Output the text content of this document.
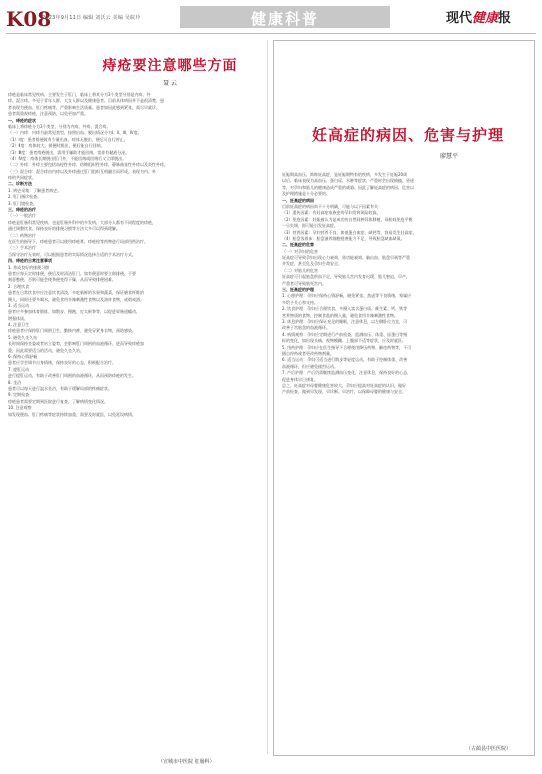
K08
2023年9月11日 编辑 刘沃云 美编 吴皖玲	健康科普	现代健康报
痔疮要注意哪些方面
聂 云
痔疮是临床常见疾病，主要发生于肛门，临床上将其分为3个类型分别是内痔、外
痔、混合痔。多见于青年人群，大女人群以及健康患者。目前具体病因并不是很清楚，患
者表现为便血、肛门疼痛等，严重影响生活质量。患者如因此感到紧张，需尽早就诊，
患者需重视痔疮，注意预防，以免更加严重。
一、痔疮的症状
临床上将痔疮分为3个类型，分别为内痔、外痔、混合痔。
（一）内痔：内痔为最常见类型，按照出血、脱出情况分为Ⅰ、Ⅱ、Ⅲ、Ⅳ度。
（1）Ⅰ度：患者排便时有少量出血，痔体无脱出，便后可自行停止。
（2）Ⅱ度：痔体较大，排便时脱出，便后能自行回纳。
（3）Ⅲ度：患者痔疮脱出，需用手辅助才能回纳，常伴有黏液分泌。
（4）Ⅳ度：痔体长期脱出肛门外，不能回纳或回纳后又立即脱出。
（二）外痔：外痔主要包括血栓性外痔、结缔组织性外痔、静脉曲张性外痔以及炎性外痔。
（三）混合痔：混合痔由内痔以及外痔通过肛门组织互相融合而形成，表现为内、外
痔的共同症状。
二、诊断方法
1. 病史采集：了解患者病史。
2. 肛门指诊检查。
3. 肛门镜检查。
三、痔疮的治疗
（一）一般治疗
痔疮是肛肠科常见疾病，也是肛肠外科中的多发病，大部分人都有不同程度的痔疮，
通过调整饮食、保持良好的排便习惯等方法大多可以得到缓解。
（二）药物治疗
在医生的指导下，痔疮患者可以使用痔疮膏、痔疮栓等药物进行局部用药治疗。
（三）手术治疗
当保守治疗无效时，可以根据患者的实际情况选择合适的手术治疗方式。
四、痔疮的日常注意事项
1. 养成良好的排便习惯
患者应每天定时排便，便后及时清洁肛门。如有便意时要立即排便，不要
刻意憋便，否则可能会使粪便变得干燥，从而导致排便困难。
2. 合理饮食
患者在日常饮食中应注意饮食清淡，多吃新鲜的水果和蔬菜，保证膳食纤维的
摄入，同时还要多喝水，避免食用辛辣刺激性食物以及油炸食物，戒烟戒酒。
3. 适当运动
患者应多参加体育锻炼，如散步、慢跑、打太极拳等，以促进胃肠道蠕动，
增强体质。
4. 注意卫生
痔疮患者应保持肛门周围卫生，勤换内裤，避免穿紧身衣物，预防感染。
5. 避免久坐久站
长时间保持坐姿或者站立姿势，会影响肛门周围的血液循环，进而导致痔疮加
重，因此需要适当的活动，避免久坐久站。
6. 保持心情舒畅
患者应学会调节自身情绪，保持良好的心态，积极配合治疗。
7. 提肛运动
进行提肛运动，有助于改善肛门周围的血液循环，从而预防痔疮的发生。
8. 坐浴
患者可以每天进行温水坐浴，有助于缓解局部的疼痛症状。
9. 定期检查
痔疮患者需要定期到医院进行复查，了解病情变化情况。
10. 注意观察
如发现便血、肛门疼痛等症状持续加重，需要及时就医，以免延误病情。
（宣城市中医院 肛肠科）
妊高症的病因、危害与护理
廖慧平
妊娠期高血压，简称妊高症，是妊娠期特有的疾病，多发生于妊娠20周
以后，临床表现为高血压、蛋白尿、水肿等症状，严重时会出现抽搐、昏迷
等，对孕妇和胎儿的健康造成严重的威胁。因此了解妊高症的病因、危害以
及护理措施是十分必要的。
一、妊高症的病因
目前妊高症的病因尚不十分明确，可能与以下因素有关：
（1）遗传因素：有妊高症家族史的孕妇发病风险较高。
（2）免疫因素：妊娠被认为是成功的自然同种异体移植，母胎间免疫平衡
一旦失调，即可能引发妊高症。
（3）营养因素：孕妇营养不良，如低蛋白血症、缺钙等，容易发生妊高症。
（4）胎盘浅着床：胎盘滋养细胞侵袭能力不足，导致胎盘缺血缺氧。
二、妊高症的危害
（一）对孕妇的危害
妊高症可导致孕妇出现心力衰竭、肾功能衰竭、脑出血、胎盘早剥等严重
并发症，甚至危及孕妇生命安全。
（二）对胎儿的危害
妊高症可引起胎盘供血不足，导致胎儿宫内发育迟缓、胎儿窘迫、早产，
严重者可导致胎死宫内。
三、妊高症的护理
1. 心理护理：孕妇应保持心情舒畅，避免紧张、焦虑等不良情绪，家属应
多给予关心和支持。
2. 饮食护理：孕妇应合理饮食，多摄入富含蛋白质、维生素、钙、铁等
营养物质的食物，控制食盐的摄入量，避免食用辛辣刺激性食物。
3. 休息护理：孕妇应保证充足的睡眠，注意休息，以左侧卧位为宜，可
改善子宫胎盘的血液循环。
4. 病情观察：孕妇应定期进行产前检查，监测血压、体重、尿蛋白等指
标的变化，如出现头痛、视物模糊、上腹部不适等症状，应及时就医。
5. 用药护理：孕妇应在医生指导下合理使用降压药物、解痉药物等，不可
擅自停药或者更改药物剂量。
6. 适当运动：孕妇可适当进行散步等轻度运动，有助于控制体重、改善
血液循环，但应避免剧烈运动。
7. 产后护理：产后仍需继续监测血压变化，注意休息，保持良好的心态，
促进身体早日康复。
总之，妊高症对母婴健康危害较大，孕妇应提高对妊高症的认识，做好
产前检查，做到早发现、早诊断、早治疗，以保障母婴的健康与安全。
（古蔺县中医医院）
